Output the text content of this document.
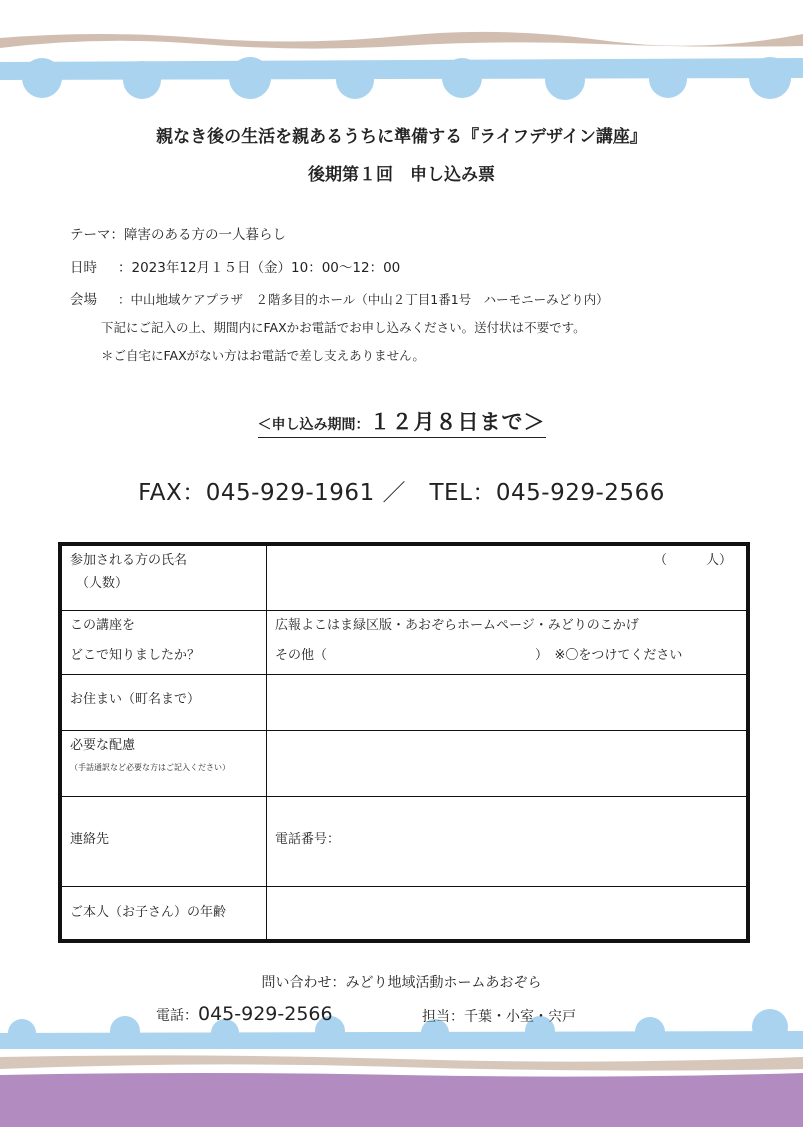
親なき後の生活を親あるうちに準備する『ライフデザイン講座』
後期第１回　申し込み票
テーマ：障害のある方の一人暮らし
日時 ：2023年12月１５日（金）10：00～12：00
会場 ：中山地域ケアプラザ　２階多目的ホール（中山２丁目1番1号　ハーモニーみどり内）
下記にご記入の上、期間内にFAXかお電話でお申し込みください。送付状は不要です。
＊ご自宅にFAXがない方はお電話で差し支えありません。
＜申し込み期間：１２月８日まで＞
FAX：045-929-1961 ／　TEL：045-929-2566
参加される方の氏名
（人数）	（　　　人）

この講座を
どこで知りましたか？	広報よこはま緑区版・あおぞらホームページ・みどりのこかげ
その他（　　　　　　　　　　　　　　　　）　※〇をつけてください

お住まい（町名まで）	

必要な配慮
（手話通訳など必要な方はご記入ください）	

連絡先	電話番号：

ご本人（お子さん）の年齢	

問い合わせ：みどり地域活動ホームあおぞら
電話：045-929-2566	担当：千葉・小室・宍戸
